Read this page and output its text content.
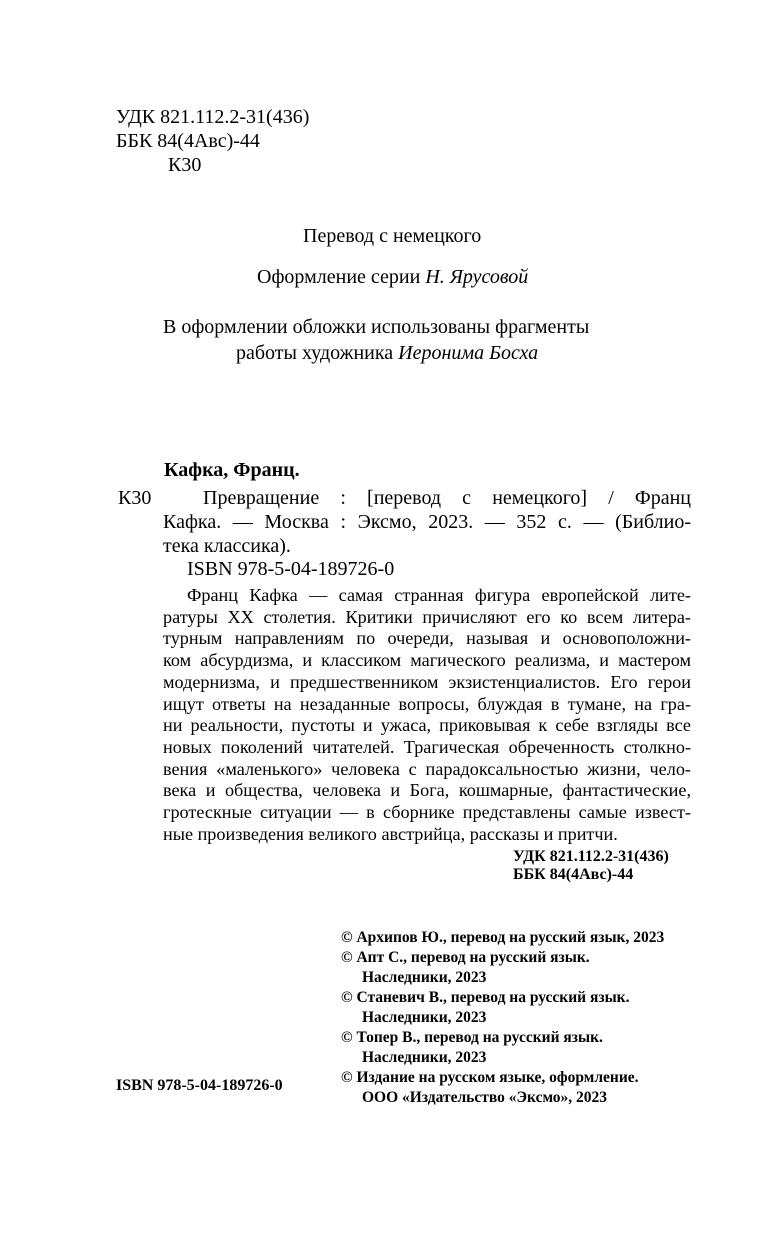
УДК 821.112.2-31(436)
ББК 84(4Авс)-44
К30
Перевод с немецкого
Оформление серии Н. Ярусовой
В оформлении обложки использованы фрагменты
работы художника Иеронима Босха
Кафка, Франц.
К30	Превращение : [перевод с немецкого] / Франц
Кафка. — Москва : Эксмо, 2023. — 352 с. — (Библио-
тека классика).
ISBN 978-5-04-189726-0
Франц Кафка — самая странная фигура европейской лите-
ратуры XX столетия. Критики причисляют его ко всем литера-
турным направлениям по очереди, называя и основоположни-
ком абсурдизма, и классиком магического реализма, и мастером
модернизма, и предшественником экзистенциалистов. Его герои
ищут ответы на незаданные вопросы, блуждая в тумане, на гра-
ни реальности, пустоты и ужаса, приковывая к себе взгляды все
новых поколений читателей. Трагическая обреченность столкно-
вения «маленького» человека с парадоксальностью жизни, чело-
века и общества, человека и Бога, кошмарные, фантастические,
гротескные ситуации — в сборнике представлены самые извест-
ные произведения великого австрийца, рассказы и притчи.
УДК 821.112.2-31(436)
ББК 84(4Авс)-44
© Архипов Ю., перевод на русский язык, 2023
© Апт С., перевод на русский язык.
Наследники, 2023
© Станевич В., перевод на русский язык.
Наследники, 2023
© Топер В., перевод на русский язык.
Наследники, 2023
© Издание на русском языке, оформление.
ООО «Издательство «Эксмо», 2023
ISBN 978-5-04-189726-0
